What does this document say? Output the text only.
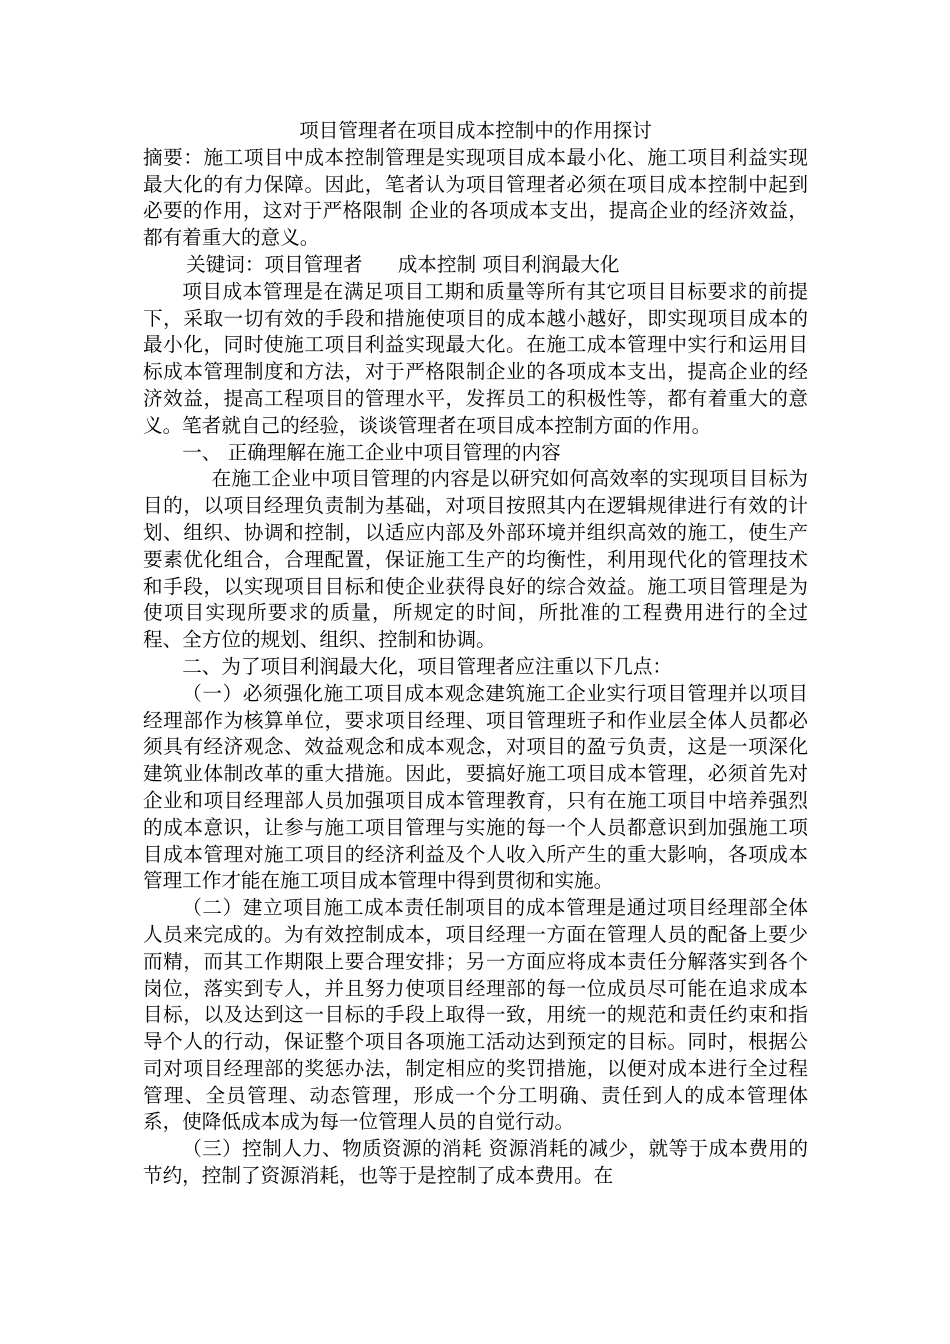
项目管理者在项目成本控制中的作用探讨

摘要：施工项目中成本控制管理是实现项目成本最小化、施工项目利益实现最大化的有力保障。因此，笔者认为项目管理者必须在项目成本控制中起到必要的作用，这对于严格限制 企业的各项成本支出，提高企业的经济效益，都有着重大的意义。

关键词：项目管理者 成本控制 项目利润最大化

项目成本管理是在满足项目工期和质量等所有其它项目目标要求的前提下，采取一切有效的手段和措施使项目的成本越小越好，即实现项目成本的最小化，同时使施工项目利益实现最大化。在施工成本管理中实行和运用目标成本管理制度和方法，对于严格限制企业的各项成本支出，提高企业的经济效益，提高工程项目的管理水平，发挥员工的积极性等，都有着重大的意义。笔者就自己的经验，谈谈管理者在项目成本控制方面的作用。

一、 正确理解在施工企业中项目管理的内容

在施工企业中项目管理的内容是以研究如何高效率的实现项目目标为目的，以项目经理负责制为基础，对项目按照其内在逻辑规律进行有效的计划、组织、协调和控制，以适应内部及外部环境并组织高效的施工，使生产要素优化组合，合理配置，保证施工生产的均衡性，利用现代化的管理技术和手段，以实现项目目标和使企业获得良好的综合效益。施工项目管理是为使项目实现所要求的质量，所规定的时间，所批准的工程费用进行的全过程、全方位的规划、组织、控制和协调。

二、为了项目利润最大化，项目管理者应注重以下几点：

（一）必须强化施工项目成本观念建筑施工企业实行项目管理并以项目经理部作为核算单位，要求项目经理、项目管理班子和作业层全体人员都必须具有经济观念、效益观念和成本观念，对项目的盈亏负责，这是一项深化建筑业体制改革的重大措施。因此，要搞好施工项目成本管理，必须首先对企业和项目经理部人员加强项目成本管理教育，只有在施工项目中培养强烈的成本意识，让参与施工项目管理与实施的每一个人员都意识到加强施工项目成本管理对施工项目的经济利益及个人收入所产生的重大影响，各项成本管理工作才能在施工项目成本管理中得到贯彻和实施。

（二）建立项目施工成本责任制项目的成本管理是通过项目经理部全体人员来完成的。为有效控制成本，项目经理一方面在管理人员的配备上要少而精，而其工作期限上要合理安排；另一方面应将成本责任分解落实到各个岗位，落实到专人，并且努力使项目经理部的每一位成员尽可能在追求成本目标，以及达到这一目标的手段上取得一致，用统一的规范和责任约束和指导个人的行动，保证整个项目各项施工活动达到预定的目标。同时，根据公司对项目经理部的奖惩办法，制定相应的奖罚措施，以便对成本进行全过程管理、全员管理、动态管理，形成一个分工明确、责任到人的成本管理体系，使降低成本成为每一位管理人员的自觉行动。

（三）控制人力、物质资源的消耗 资源消耗的减少，就等于成本费用的节约，控制了资源消耗，也等于是控制了成本费用。在
